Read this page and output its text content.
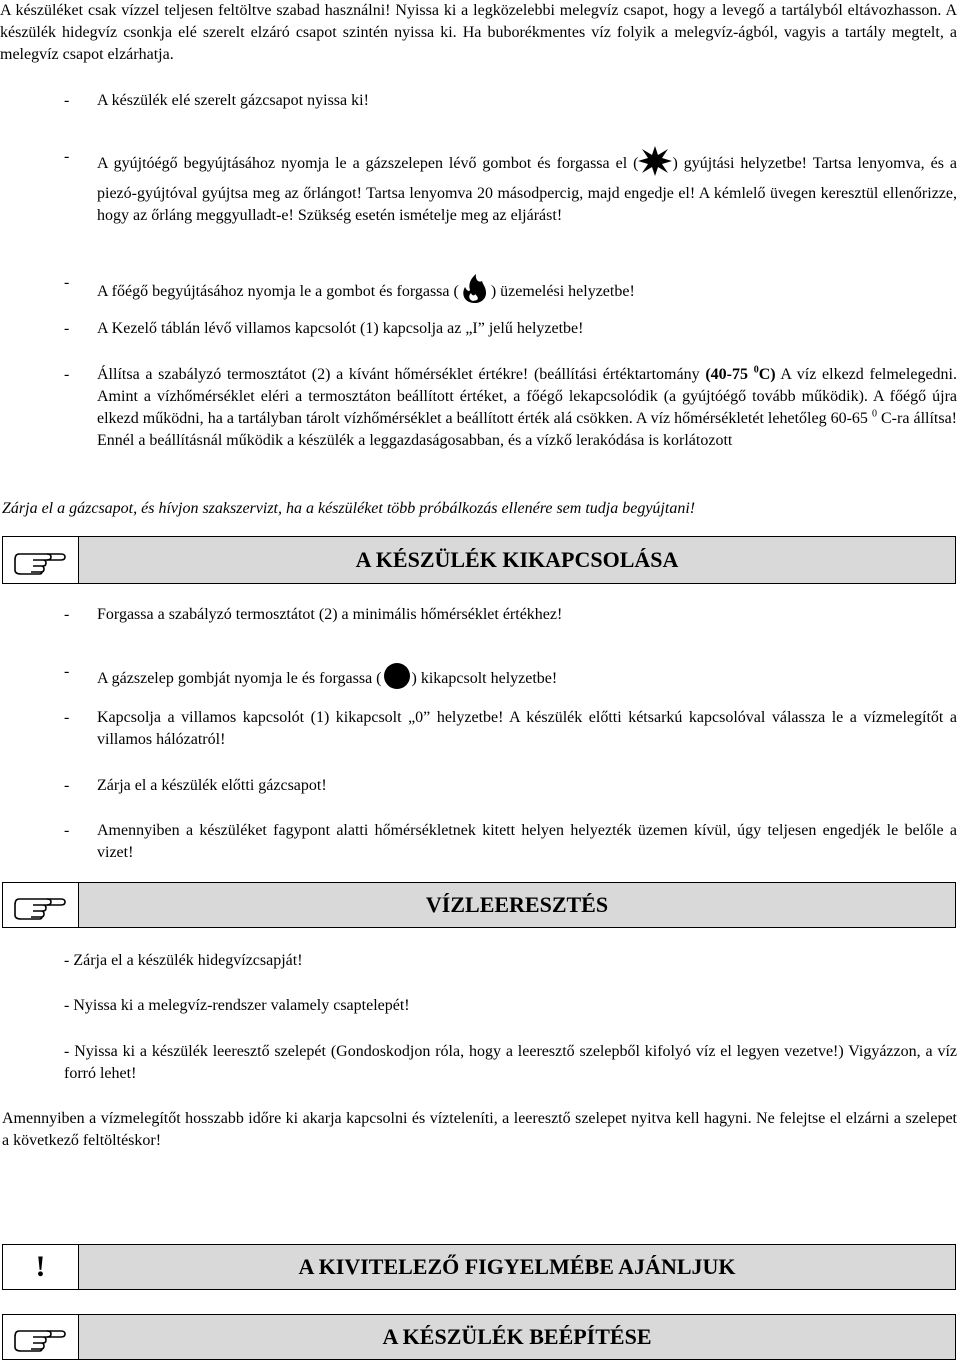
A készüléket csak vízzel teljesen feltöltve szabad használni! Nyissa ki a legközelebbi melegvíz csapot, hogy a levegő a tartályból eltávozhasson. A készülék hidegvíz csonkja elé szerelt elzáró csapot szintén nyissa ki. Ha buborékmentes víz folyik a melegvíz-ágból, vagyis a tartály megtelt, a melegvíz csapot elzárhatja.
-	A készülék elé szerelt gázcsapot nyissa ki!
-	A gyújtóégő begyújtásához nyomja le a gázszelepen lévő gombot és forgassa el ( ) gyújtási helyzetbe! Tartsa lenyomva, és a piezó-gyújtóval gyújtsa meg az őrlángot! Tartsa lenyomva 20 másodpercig, majd engedje el! A kémlelő üvegen keresztül ellenőrizze, hogy az őrláng meggyulladt-e! Szükség esetén ismételje meg az eljárást!
-
A főégő begyújtásához nyomja le a gombot és forgassa ( ) üzemelési helyzetbe!
-	A Kezelő táblán lévő villamos kapcsolót (1) kapcsolja az „I” jelű helyzetbe!
-	Állítsa a szabályzó termosztátot (2) a kívánt hőmérséklet értékre! (beállítási értéktartomány (40-75 $^0$C) A víz elkezd felmelegedni. Amint a vízhőmérséklet eléri a termosztáton beállított értéket, a főégő lekapcsolódik (a gyújtóégő tovább működik). A főégő újra elkezd működni, ha a tartályban tárolt vízhőmérséklet a beállított érték alá csökken. A víz hőmérsékletét lehetőleg 60-65 $^0$ C-ra állítsa! Ennél a beállításnál működik a készülék a leggazdaságosabban, és a vízkő lerakódása is korlátozott
Zárja el a gázcsapot, és hívjon szakszervizt, ha a készüléket több próbálkozás ellenére sem tudja begyújtani!
A KÉSZÜLÉK KIKAPCSOLÁSA
-	Forgassa a szabályzó termosztátot (2) a minimális hőmérséklet értékhez!
-	A gázszelep gombját nyomja le és forgassa ( ) kikapcsolt helyzetbe!
-	Kapcsolja a villamos kapcsolót (1) kikapcsolt „0” helyzetbe! A készülék előtti kétsarkú kapcsolóval válassza le a vízmelegítőt a villamos hálózatról!
-	Zárja el a készülék előtti gázcsapot!
-	Amennyiben a készüléket fagypont alatti hőmérsékletnek kitett helyen helyezték üzemen kívül, úgy teljesen engedjék le belőle a vizet!
VÍZLEERESZTÉS
- Zárja el a készülék hidegvízcsapját!
- Nyissa ki a melegvíz-rendszer valamely csaptelepét!
- Nyissa ki a készülék leeresztő szelepét (Gondoskodjon róla, hogy a leeresztő szelepből kifolyó víz el legyen vezetve!) Vigyázzon, a víz forró lehet!
Amennyiben a vízmelegítőt hosszabb időre ki akarja kapcsolni és vízteleníti, a leeresztő szelepet nyitva kell hagyni. Ne felejtse el elzárni a szelepet a következő feltöltéskor!
!	A KIVITELEZŐ FIGYELMÉBE AJÁNLJUK
A KÉSZÜLÉK BEÉPÍTÉSE
